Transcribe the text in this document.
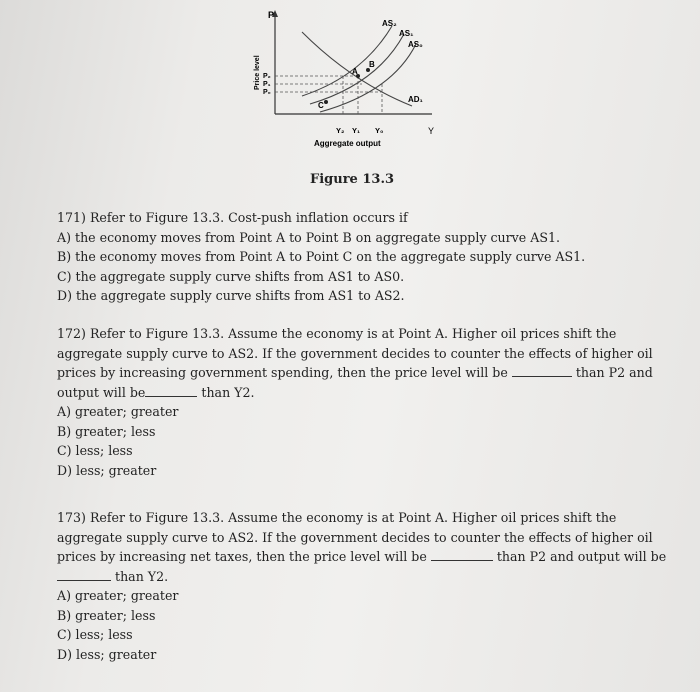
P
Y
Price level
AS₂
AS₁
AS₀
AD₁
A
B
C
P₂
P₁
P₀
Y₂ Y₁ Y₀
Aggregate output
Figure 13.3
171) Refer to Figure 13.3. Cost-push inflation occurs if
A) the economy moves from Point A to Point B on aggregate supply curve AS1.
B) the economy moves from Point A to Point C on the aggregate supply curve AS1.
C) the aggregate supply curve shifts from AS1 to AS0.
D) the aggregate supply curve shifts from AS1 to AS2.
172) Refer to Figure 13.3. Assume the economy is at Point A. Higher oil prices shift the
aggregate supply curve to AS2. If the government decides to counter the effects of higher oil
prices by increasing government spending, then the price level will be	than P2 and
output will be	than Y2.
A) greater; greater
B) greater; less
C) less; less
D) less; greater
173) Refer to Figure 13.3. Assume the economy is at Point A. Higher oil prices shift the
aggregate supply curve to AS2. If the government decides to counter the effects of higher oil
prices by increasing net taxes, then the price level will be	than P2 and output will be
than Y2.
A) greater; greater
B) greater; less
C) less; less
D) less; greater
